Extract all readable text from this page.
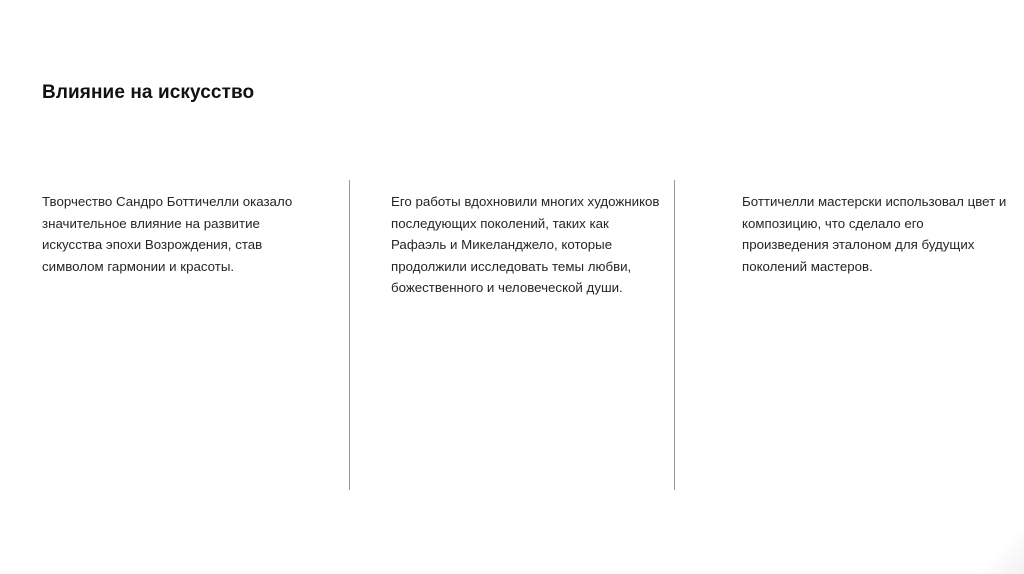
Влияние на искусство

Творчество Сандро Боттичелли оказало значительное влияние на развитие искусства эпохи Возрождения, став символом гармонии и красоты.

Его работы вдохновили многих художников последующих поколений, таких как Рафаэль и Микеланджело, которые продолжили исследовать темы любви, божественного и человеческой души.

Боттичелли мастерски использовал цвет и композицию, что сделало его произведения эталоном для будущих поколений мастеров.
